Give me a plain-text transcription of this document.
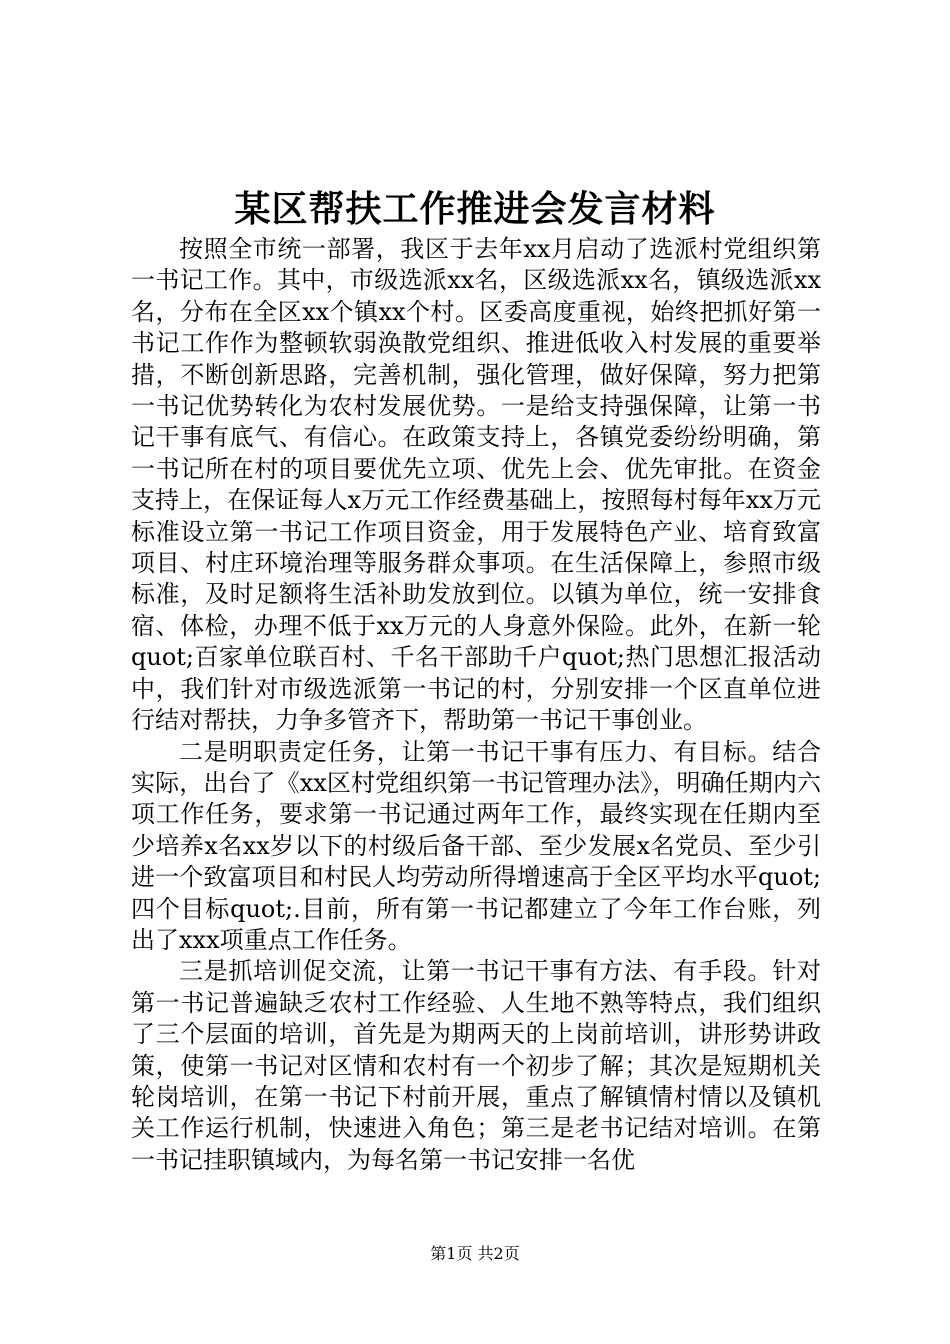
某区帮扶工作推进会发言材料

按照全市统一部署，我区于去年xx月启动了选派村党组织第一书记工作。其中，市级选派xx名，区级选派xx名，镇级选派xx名，分布在全区xx个镇xx个村。区委高度重视，始终把抓好第一书记工作作为整顿软弱涣散党组织、推进低收入村发展的重要举措，不断创新思路，完善机制，强化管理，做好保障，努力把第一书记优势转化为农村发展优势。一是给支持强保障，让第一书记干事有底气、有信心。在政策支持上，各镇党委纷纷明确，第一书记所在村的项目要优先立项、优先上会、优先审批。在资金支持上，在保证每人x万元工作经费基础上，按照每村每年xx万元标准设立第一书记工作项目资金，用于发展特色产业、培育致富项目、村庄环境治理等服务群众事项。在生活保障上，参照市级标准，及时足额将生活补助发放到位。以镇为单位，统一安排食宿、体检，办理不低于xx万元的人身意外保险。此外，在新一轮quot;百家单位联百村、千名干部助千户quot;热门思想汇报活动中，我们针对市级选派第一书记的村，分别安排一个区直单位进行结对帮扶，力争多管齐下，帮助第一书记干事创业。

二是明职责定任务，让第一书记干事有压力、有目标。结合实际，出台了《xx区村党组织第一书记管理办法》，明确任期内六项工作任务，要求第一书记通过两年工作，最终实现在任期内至少培养x名xx岁以下的村级后备干部、至少发展x名党员、至少引进一个致富项目和村民人均劳动所得增速高于全区平均水平quot;四个目标quot;.目前，所有第一书记都建立了今年工作台账，列出了xxx项重点工作任务。

三是抓培训促交流，让第一书记干事有方法、有手段。针对第一书记普遍缺乏农村工作经验、人生地不熟等特点，我们组织了三个层面的培训，首先是为期两天的上岗前培训，讲形势讲政策，使第一书记对区情和农村有一个初步了解；其次是短期机关轮岗培训，在第一书记下村前开展，重点了解镇情村情以及镇机关工作运行机制，快速进入角色；第三是老书记结对培训。在第一书记挂职镇域内，为每名第一书记安排一名优

第1页 共2页
